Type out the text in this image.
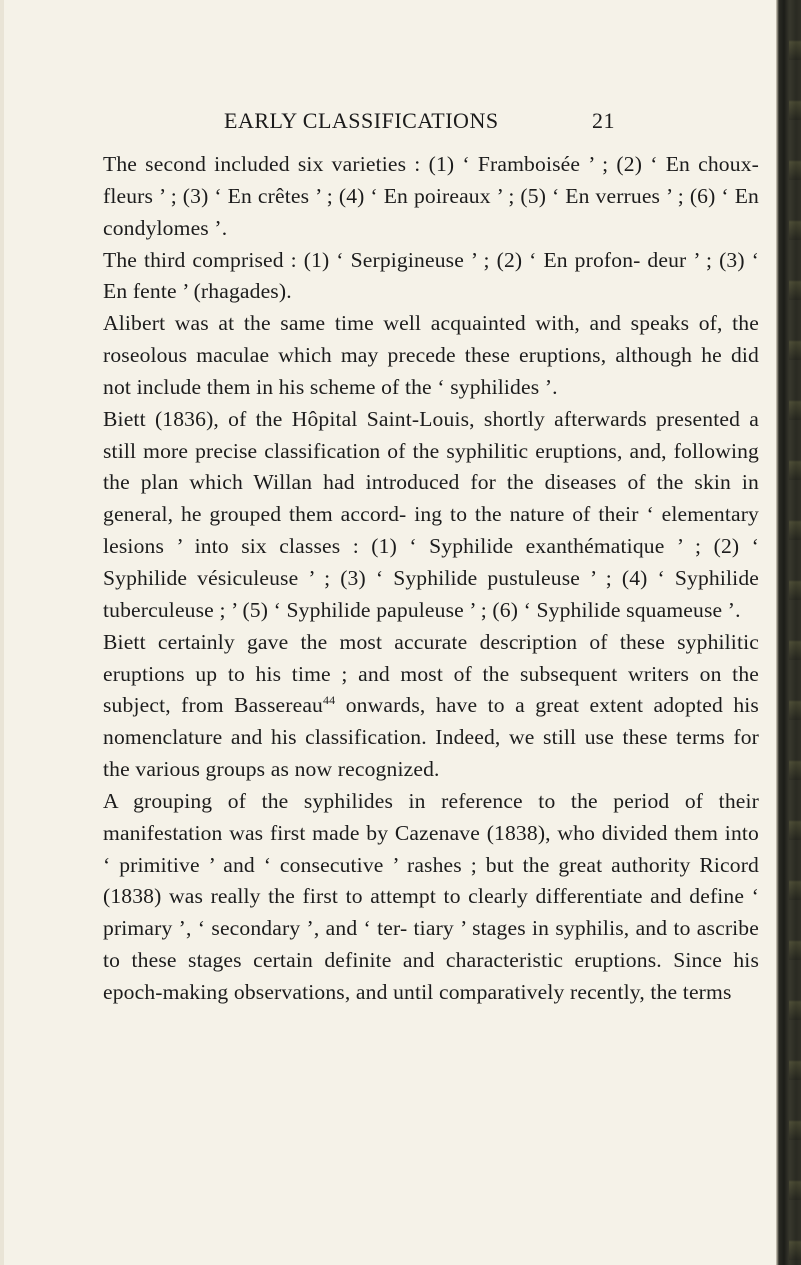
EARLY CLASSIFICATIONS	21

The second included six varieties : (1) ‘ Framboisée ’ ; (2) ‘ En choux-fleurs ’ ; (3) ‘ En crêtes ’ ; (4) ‘ En poireaux ’ ; (5) ‘ En verrues ’ ; (6) ‘ En condylomes ’.

The third comprised : (1) ‘ Serpigineuse ’ ; (2) ‘ En profon- deur ’ ; (3) ‘ En fente ’ (rhagades).

Alibert was at the same time well acquainted with, and speaks of, the roseolous maculae which may precede these eruptions, although he did not include them in his scheme of the ‘ syphilides ’.

Biett (1836), of the Hôpital Saint-Louis, shortly afterwards presented a still more precise classification of the syphilitic eruptions, and, following the plan which Willan had introduced for the diseases of the skin in general, he grouped them accord- ing to the nature of their ‘ elementary lesions ’ into six classes : (1) ‘ Syphilide exanthématique ’ ; (2) ‘ Syphilide vésiculeuse ’ ; (3) ‘ Syphilide pustuleuse ’ ; (4) ‘ Syphilide tuberculeuse ; ’ (5) ‘ Syphilide papuleuse ’ ; (6) ‘ Syphilide squameuse ’.

Biett certainly gave the most accurate description of these syphilitic eruptions up to his time ; and most of the subsequent writers on the subject, from Bassereau$^{44}$ onwards, have to a great extent adopted his nomenclature and his classification. Indeed, we still use these terms for the various groups as now recognized.

A grouping of the syphilides in reference to the period of their manifestation was first made by Cazenave (1838), who divided them into ‘ primitive ’ and ‘ consecutive ’ rashes ; but the great authority Ricord (1838) was really the first to attempt to clearly differentiate and define ‘ primary ’, ‘ secondary ’, and ‘ ter- tiary ’ stages in syphilis, and to ascribe to these stages certain definite and characteristic eruptions. Since his epoch-making observations, and until comparatively recently, the terms
